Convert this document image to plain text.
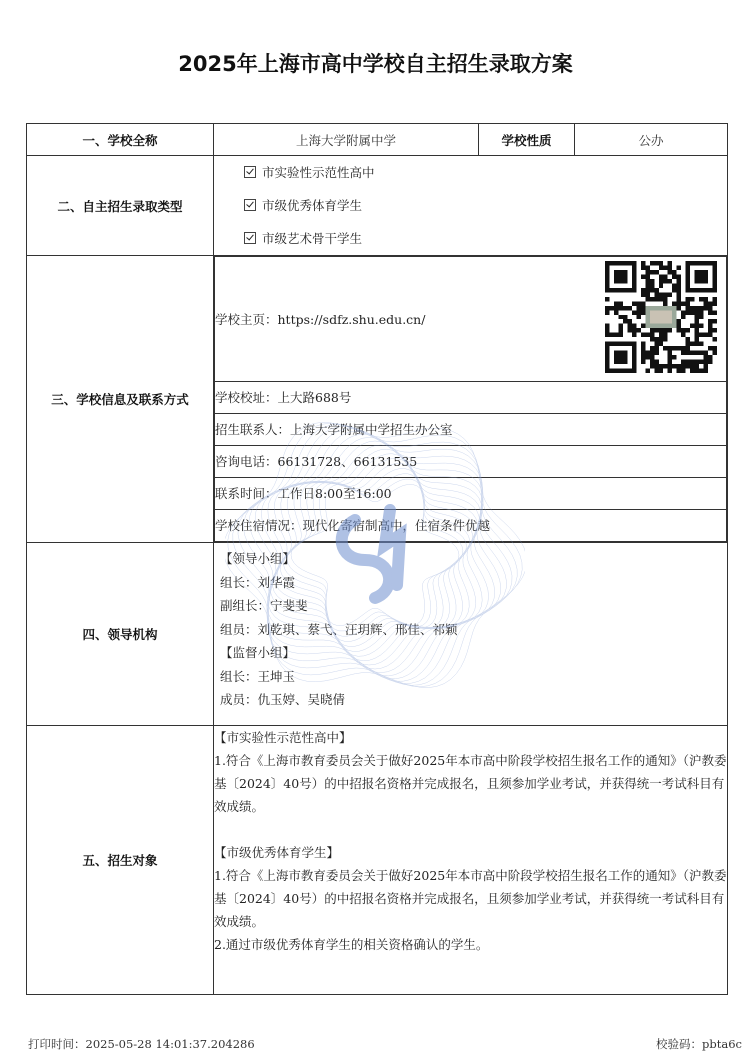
2025年上海市高中学校自主招生录取方案
一、学校全称	上海大学附属中学	学校性质	公办
二、自主招生录取类型	
市实验性示范性高中
市级优秀体育学生
市级艺术骨干学生

三、学校信息及联系方式	
学校主页：https://sdfz.shu.edu.cn/
学校校址：上大路688号
招生联系人：上海大学附属中学招生办公室
咨询电话：66131728、66131535
联系时间：工作日8:00至16:00
学校住宿情况：现代化寄宿制高中，住宿条件优越

四、领导机构	
【领导小组】
组长：刘华霞
副组长：宁斐斐
组员：刘乾琪、蔡弋、汪玥辉、邢佳、祁颖
【监督小组】
组长：王坤玉
成员：仇玉婷、吴晓倩

五、招生对象	

【市实验性示范性高中】

1.符合《上海市教育委员会关于做好2025年本市高中阶段学校招生报名工作的通知》（沪教委基〔2024〕40号）的中招报名资格并完成报名，且须参加学业考试，并获得统一考试科目有效成绩。

【市级优秀体育学生】

1.符合《上海市教育委员会关于做好2025年本市高中阶段学校招生报名工作的通知》（沪教委基〔2024〕40号）的中招报名资格并完成报名，且须参加学业考试，并获得统一考试科目有效成绩。

2.通过市级优秀体育学生的相关资格确认的学生。

打印时间：2025-05-28 14:01:37.204286	校验码：pbta6c
